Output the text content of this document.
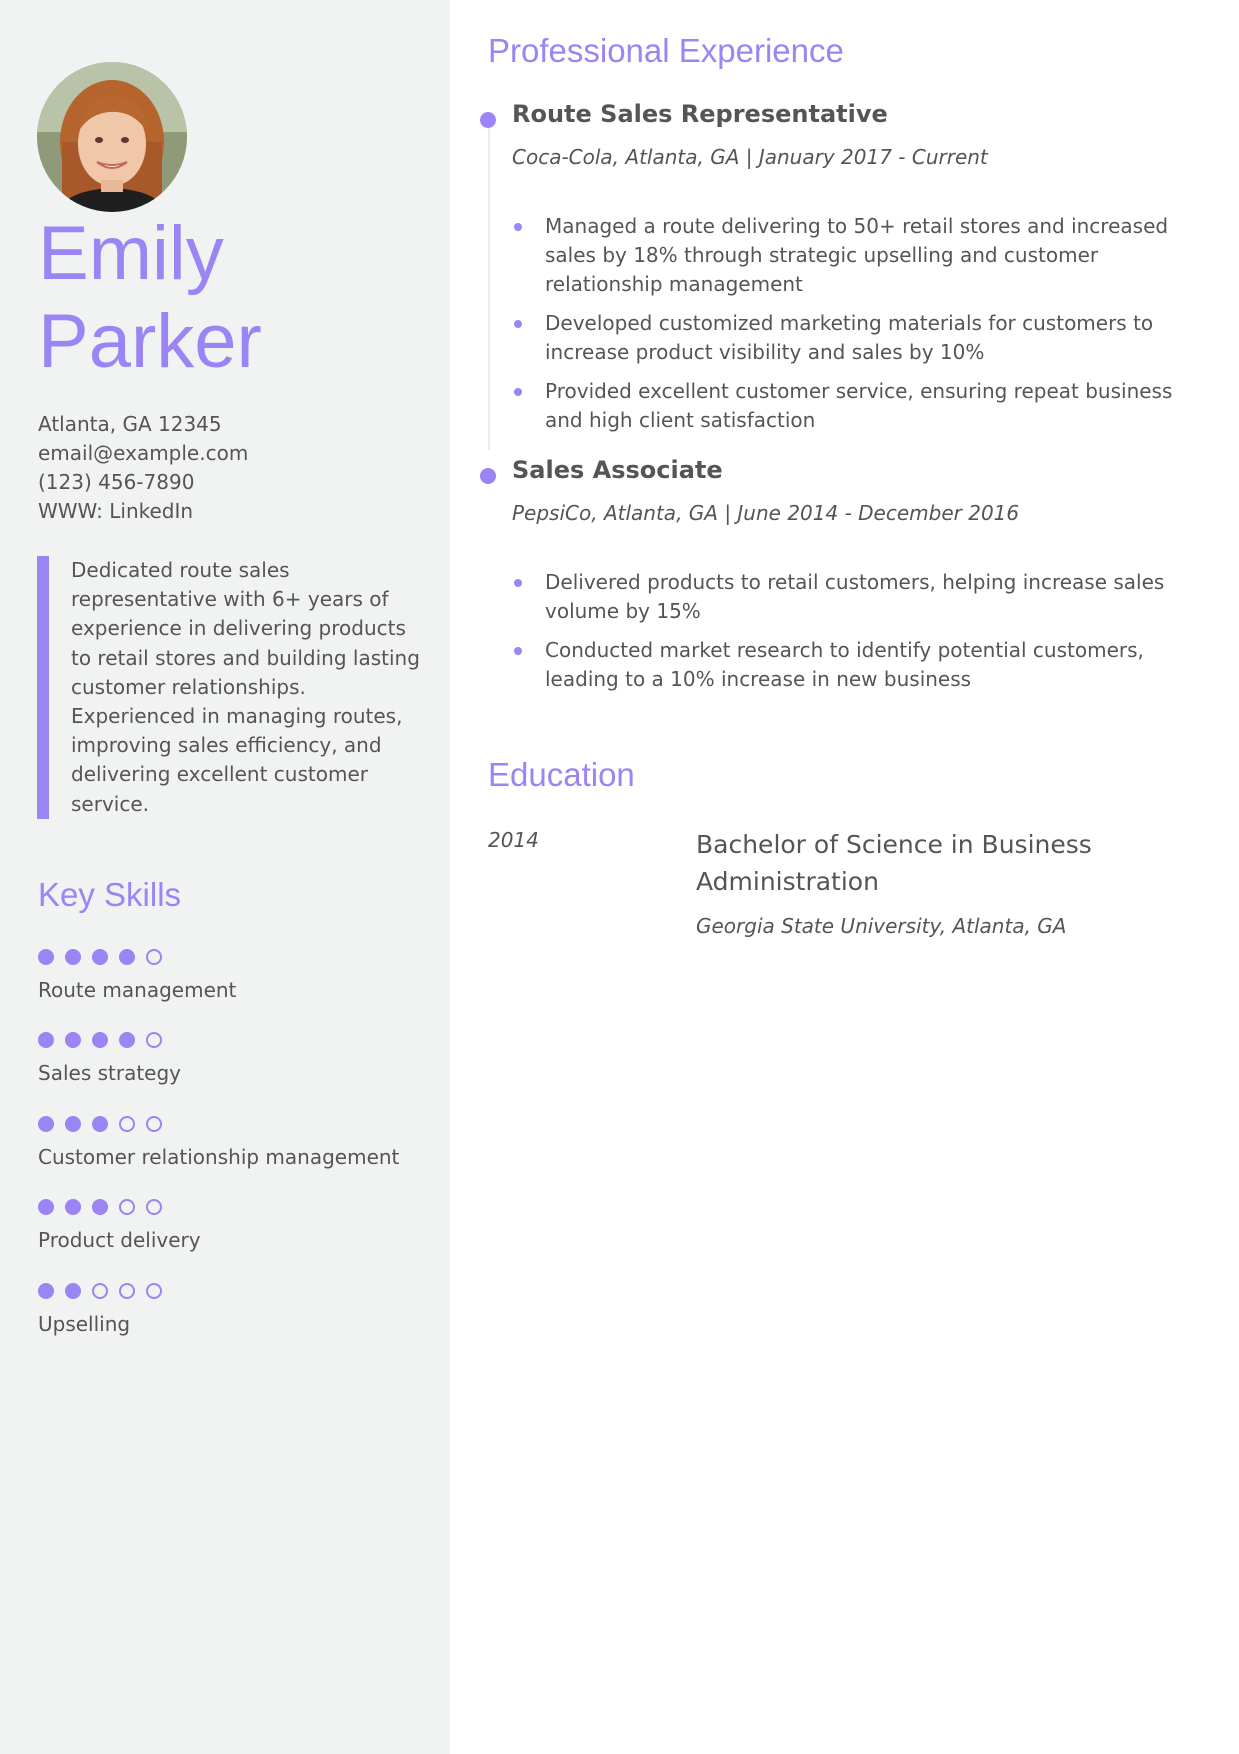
Emily
Parker
Atlanta, GA 12345
email@example.com
(123) 456-7890
WWW: LinkedIn
Dedicated route sales representative with 6+ years of experience in delivering products to retail stores and building lasting customer relationships. Experienced in managing routes, improving sales efficiency, and delivering excellent customer service.
Key Skills
Route management
Sales strategy
Customer relationship management
Product delivery
Upselling
Professional Experience
Route Sales Representative
Coca-Cola, Atlanta, GA | January 2017 - Current
Managed a route delivering to 50+ retail stores and increased sales by 18% through strategic upselling and customer relationship management
Developed customized marketing materials for customers to increase product visibility and sales by 10%
Provided excellent customer service, ensuring repeat business and high client satisfaction
Sales Associate
PepsiCo, Atlanta, GA | June 2014 - December 2016
Delivered products to retail customers, helping increase sales volume by 15%
Conducted market research to identify potential customers, leading to a 10% increase in new business
Education
2014	Bachelor of Science in Business Administration
Georgia State University, Atlanta, GA
